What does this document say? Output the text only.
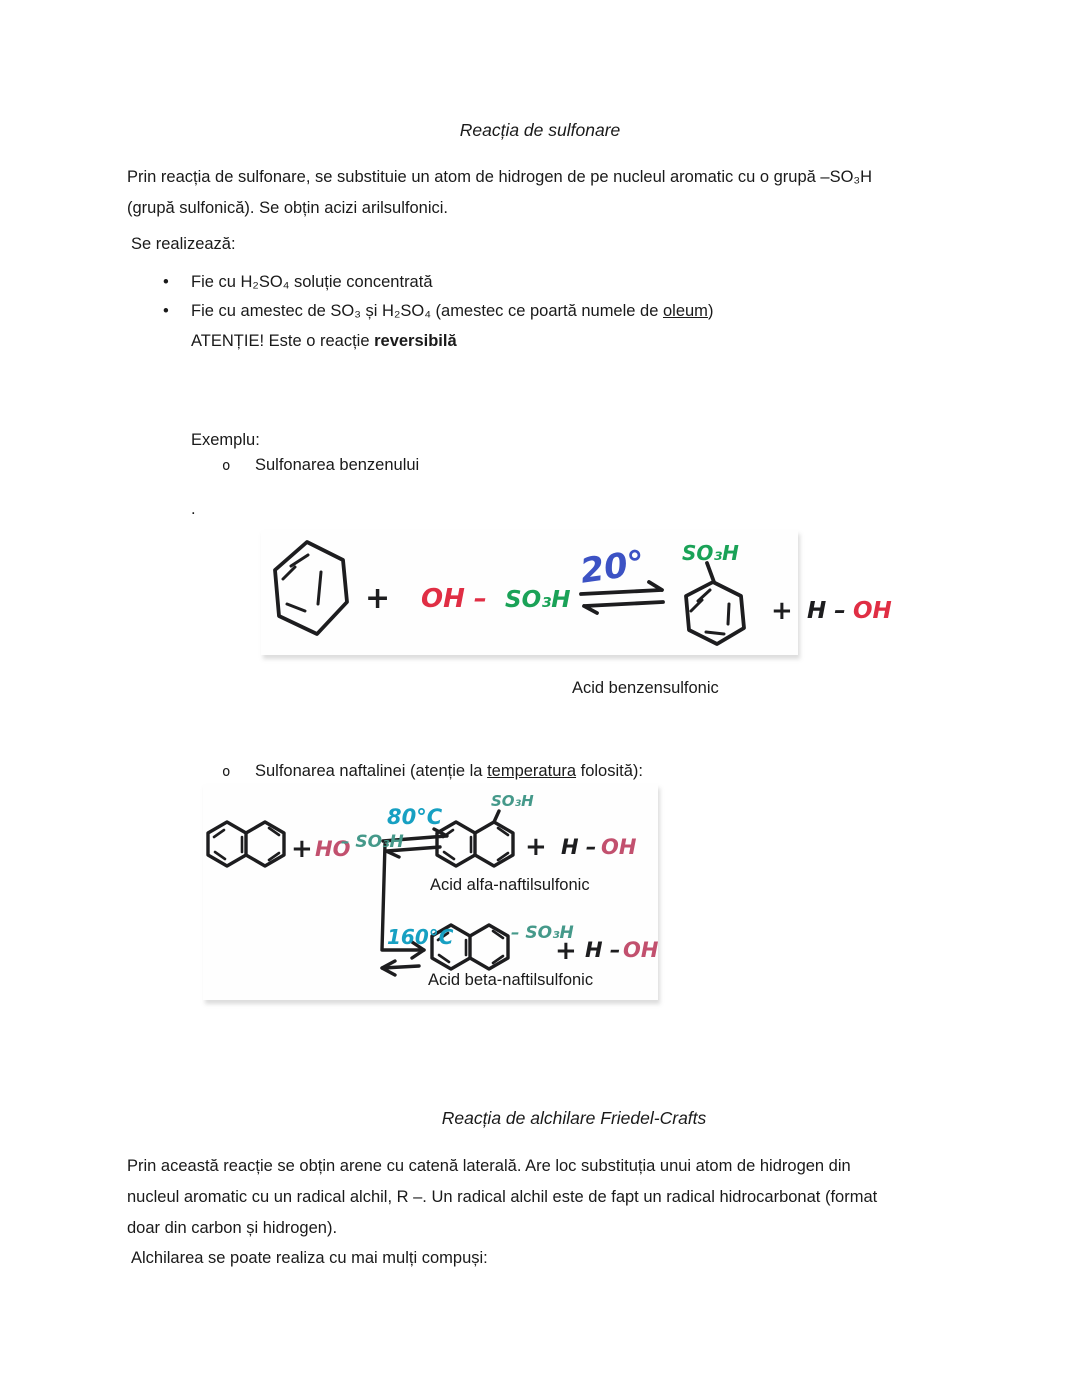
Reacția de sulfonare
Prin reacția de sulfonare, se substituie un atom de hidrogen de pe nucleul aromatic cu o grupă –SO₃H
(grupă sulfonică). Se obțin acizi arilsulfonici.
Se realizează:
• Fie cu H₂SO₄ soluție concentrată
• Fie cu amestec de SO₃ și H₂SO₄ (amestec ce poartă numele de oleum)
ATENȚIE! Este o reacție reversibilă
Exemplu:
o Sulfonarea benzenului
.
+ OH – SO₃H
20° SO₃H
+ H – OH
Acid benzensulfonic
o Sulfonarea naftalinei (atenție la temperatura folosită):
+ HO
– SO₃H
80°C
SO₃H
+ H – OH
160°C	– SO₃H
+ H – OH
Acid alfa-naftilsulfonic
Acid beta-naftilsulfonic
Reacția de alchilare Friedel-Crafts
Prin această reacție se obțin arene cu catenă laterală. Are loc substituția unui atom de hidrogen din
nucleul aromatic cu un radical alchil, R –. Un radical alchil este de fapt un radical hidrocarbonat (format
doar din carbon și hidrogen).
Alchilarea se poate realiza cu mai mulți compuși:
